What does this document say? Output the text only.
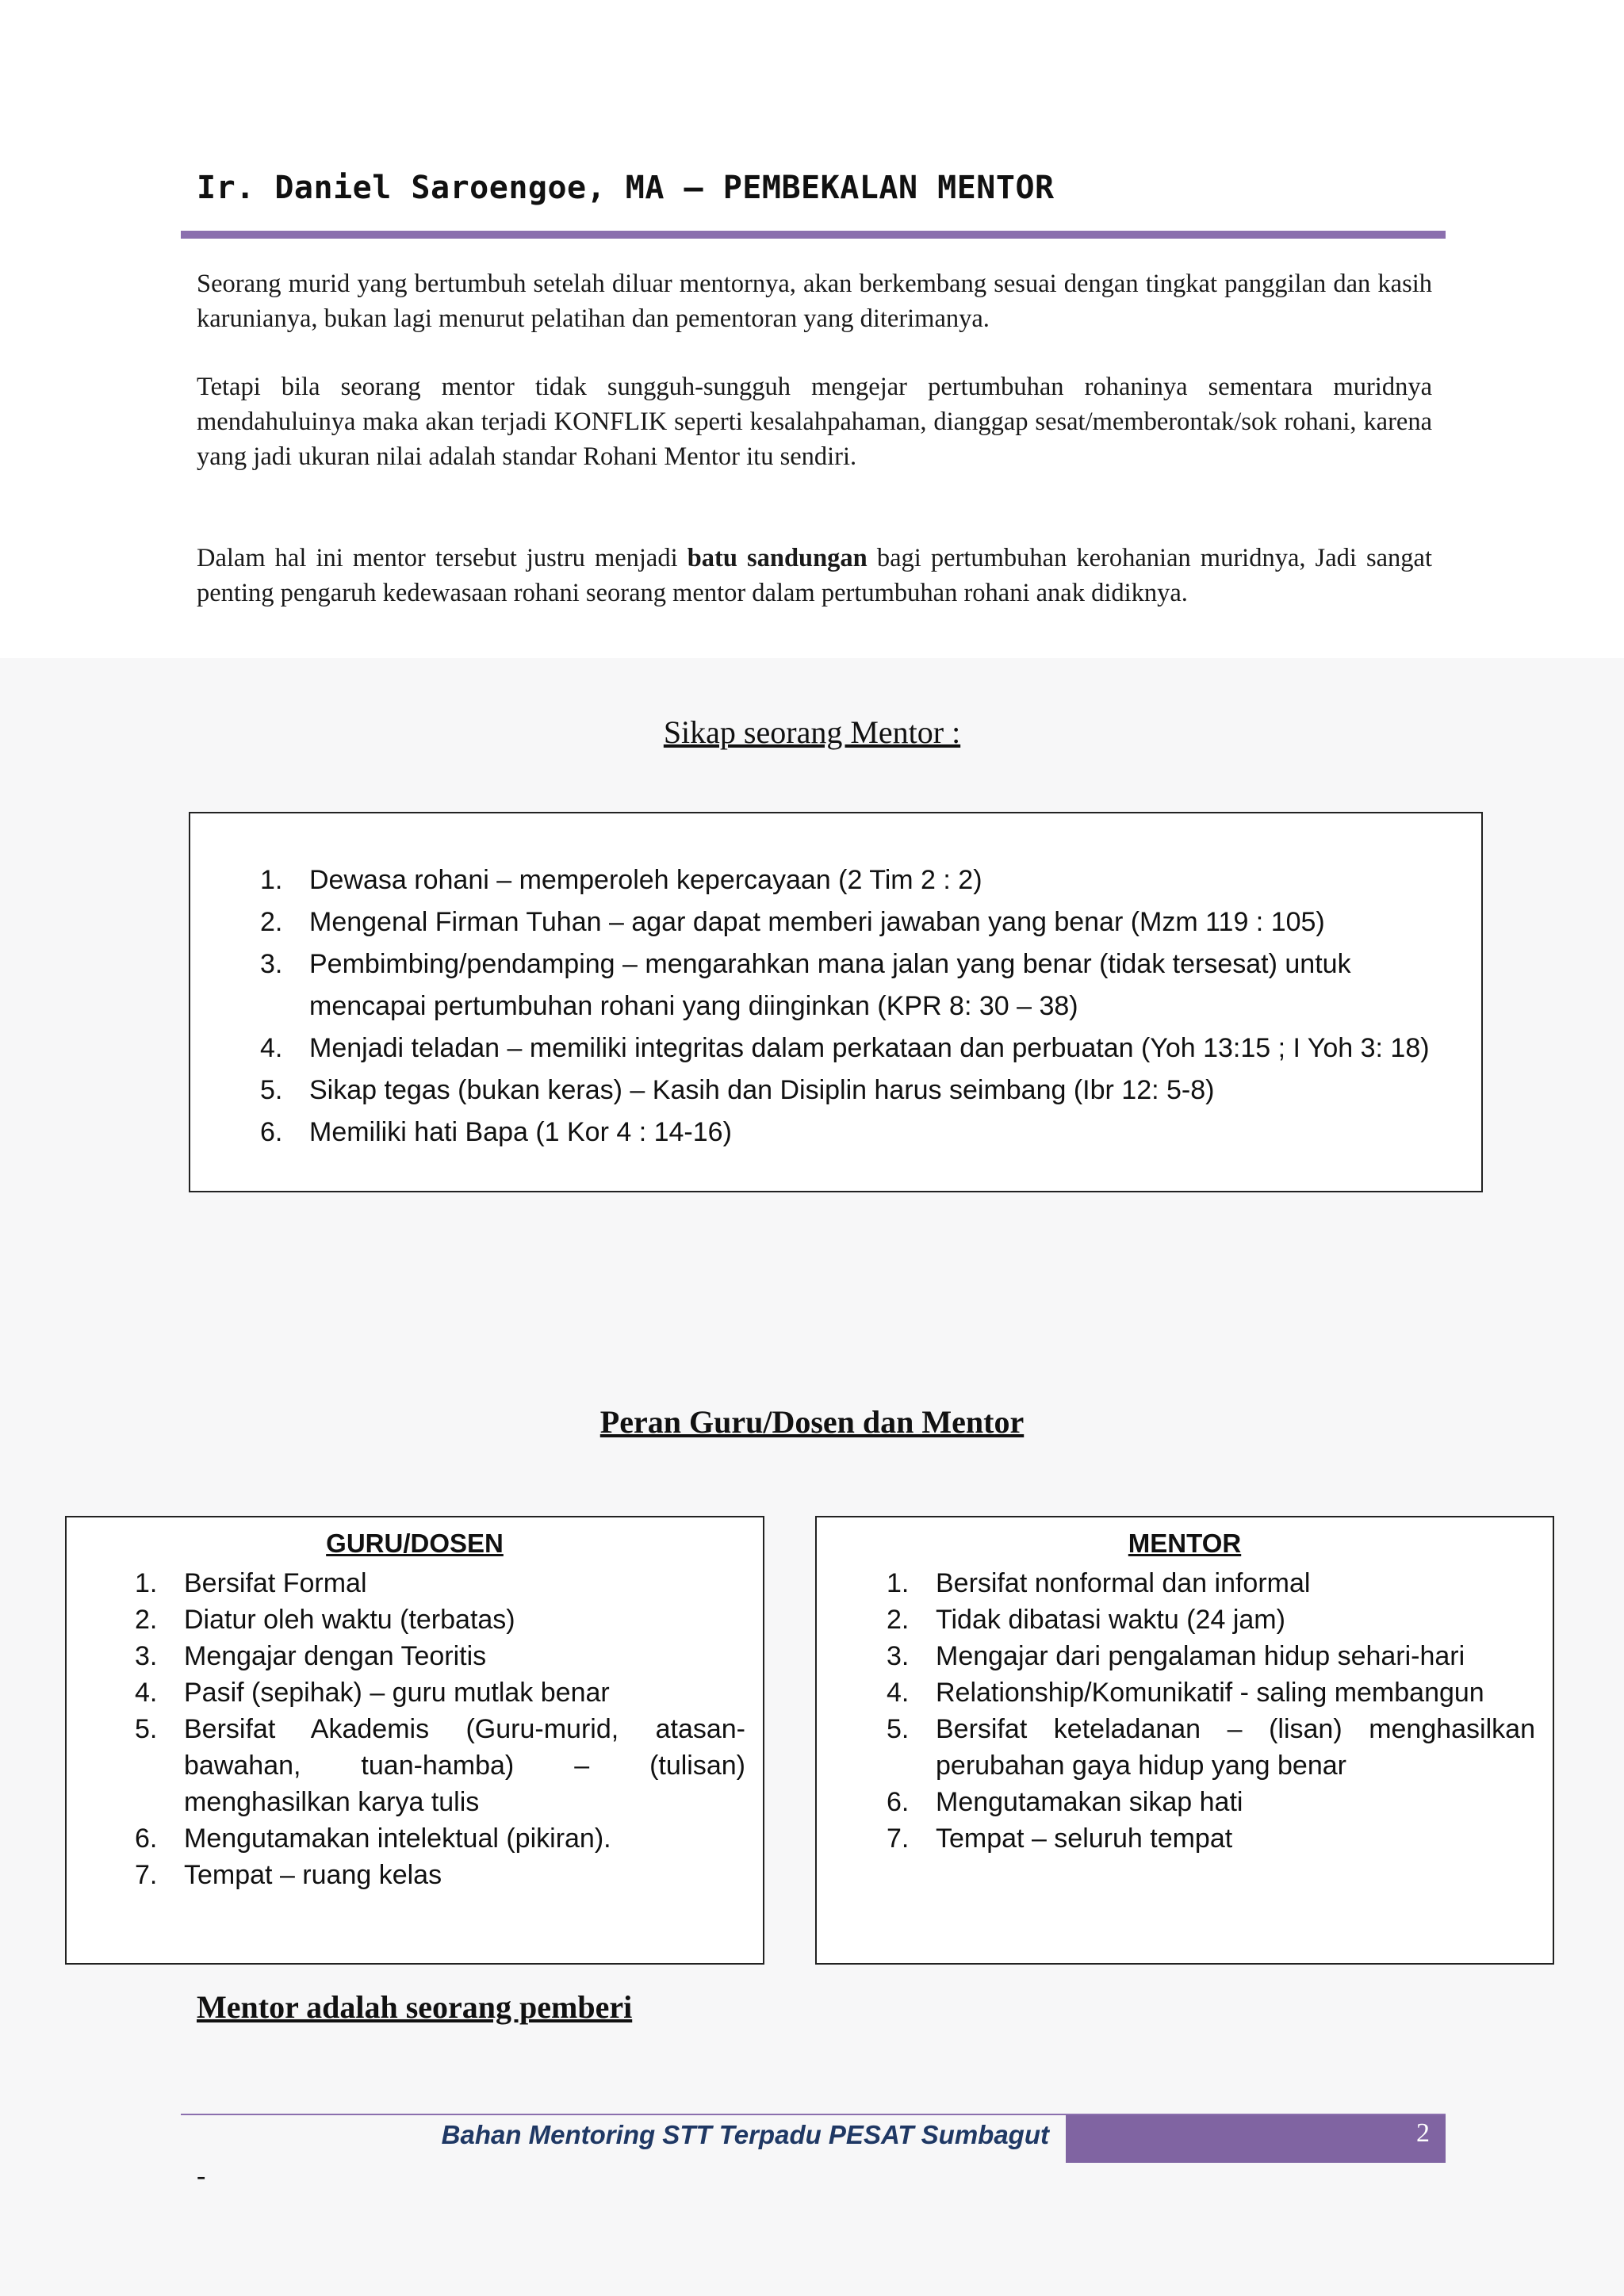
Ir. Daniel Saroengoe, MA – PEMBEKALAN MENTOR

Seorang murid yang bertumbuh setelah diluar mentornya, akan berkembang sesuai dengan tingkat panggilan dan kasih karunianya, bukan lagi menurut pelatihan dan pementoran yang diterimanya.

Tetapi bila seorang mentor tidak sungguh-sungguh mengejar pertumbuhan rohaninya sementara muridnya mendahuluinya maka akan terjadi KONFLIK seperti kesalahpahaman, dianggap sesat/memberontak/sok rohani, karena yang jadi ukuran nilai adalah standar Rohani Mentor itu sendiri.

Dalam hal ini mentor tersebut justru menjadi batu sandungan bagi pertumbuhan kerohanian muridnya, Jadi sangat penting pengaruh kedewasaan rohani seorang mentor dalam pertumbuhan rohani anak didiknya.

Sikap seorang Mentor :
1. Dewasa rohani – memperoleh kepercayaan (2 Tim 2 : 2)
2. Mengenal Firman Tuhan – agar dapat memberi jawaban yang benar (Mzm 119 : 105)
3. Pembimbing/pendamping – mengarahkan mana jalan yang benar (tidak tersesat) untuk mencapai pertumbuhan rohani yang diinginkan (KPR 8: 30 – 38)
4. Menjadi teladan – memiliki integritas dalam perkataan dan perbuatan (Yoh 13:15 ; I Yoh 3: 18)
5. Sikap tegas (bukan keras) – Kasih dan Disiplin harus seimbang (Ibr 12: 5-8)
6. Memiliki hati Bapa (1 Kor 4 : 14-16)
Peran Guru/Dosen dan Mentor
GURU/DOSEN
1. Bersifat Formal
2. Diatur oleh waktu (terbatas)
3. Mengajar dengan Teoritis
4. Pasif (sepihak) – guru mutlak benar
5. Bersifat Akademis (Guru-murid, atasan-bawahan, tuan-hamba) – (tulisan)
menghasilkan karya tulis
6. Mengutamakan intelektual (pikiran).
7. Tempat – ruang kelas
MENTOR
1. Bersifat nonformal dan informal
2. Tidak dibatasi waktu (24 jam)
3. Mengajar dari pengalaman hidup sehari-hari
4. Relationship/Komunikatif - saling membangun
5. Bersifat keteladanan – (lisan) menghasilkan
perubahan gaya hidup yang benar
6. Mengutamakan sikap hati
7. Tempat – seluruh tempat
Mentor adalah seorang pemberi
Bahan Mentoring STT Terpadu PESAT Sumbagut	2
-
